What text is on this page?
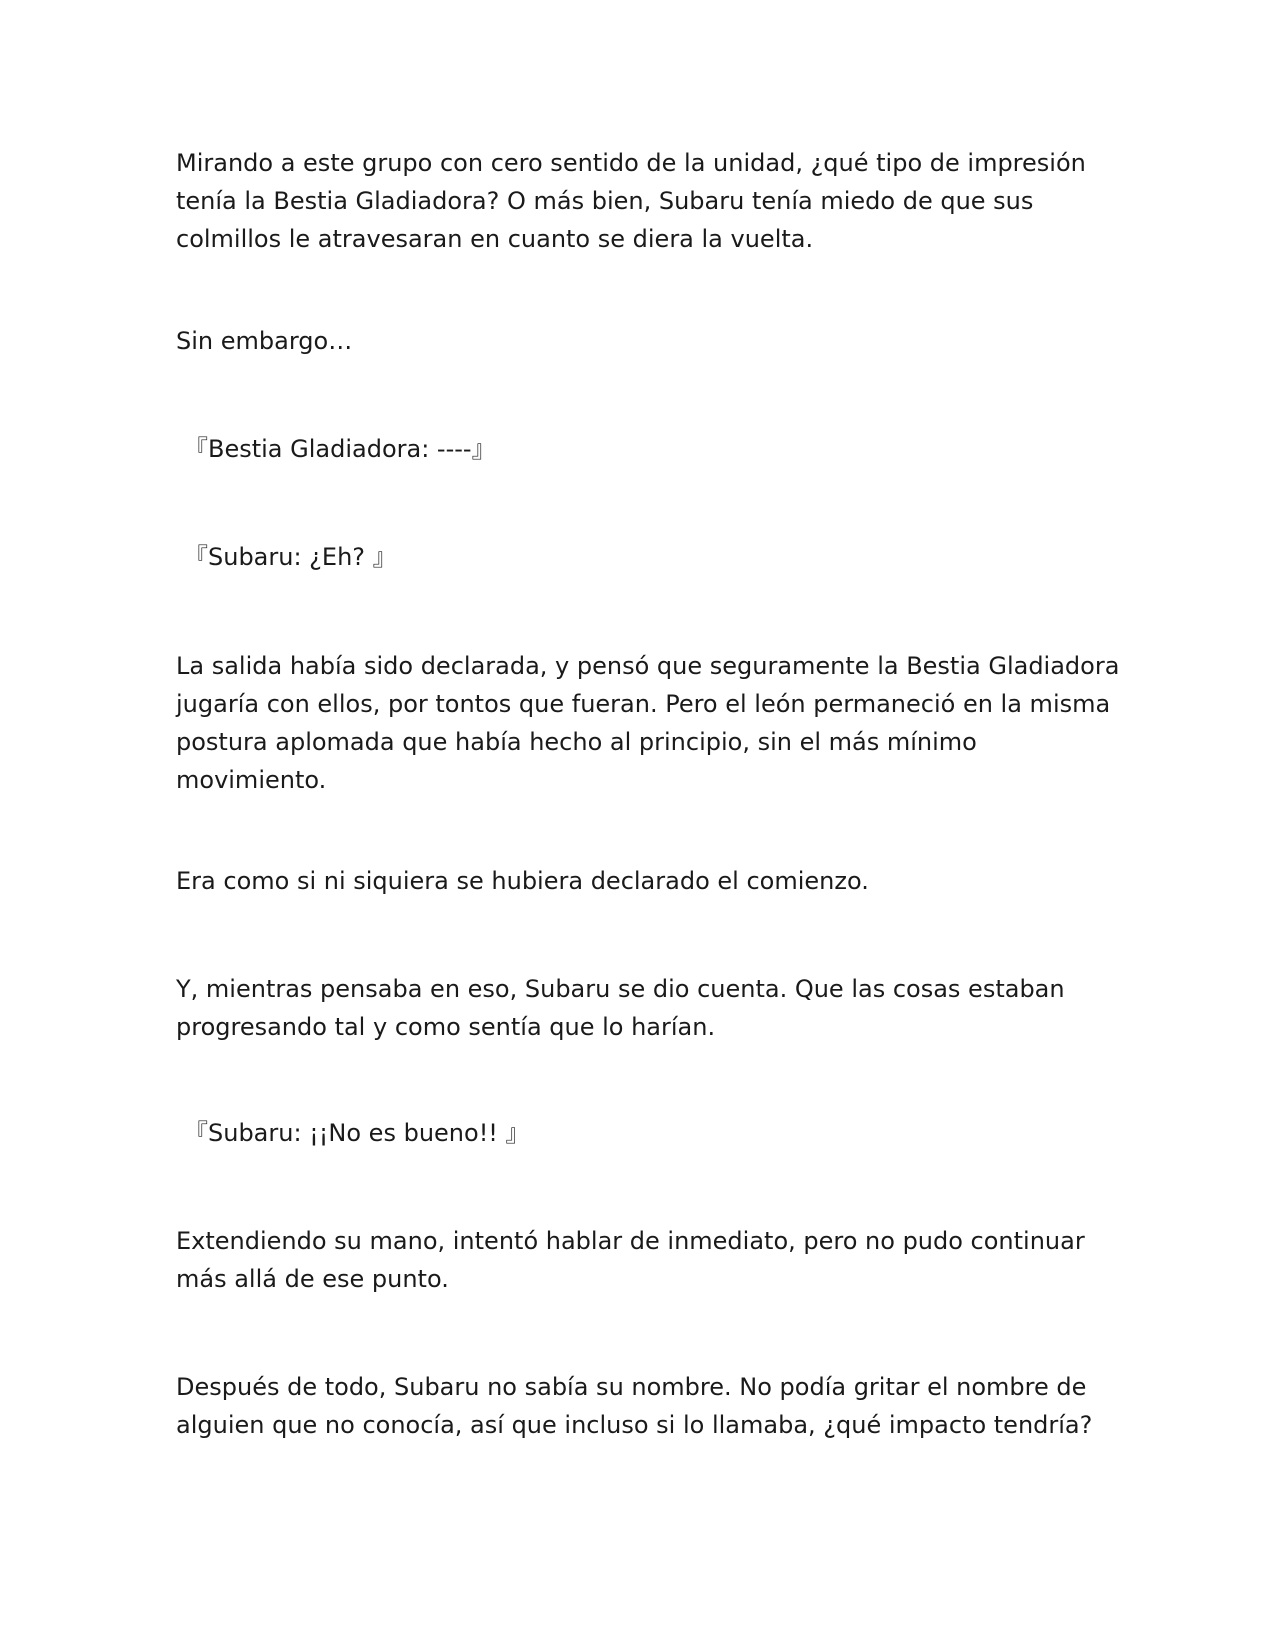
Mirando a este grupo con cero sentido de la unidad, ¿qué tipo de impresión
tenía la Bestia Gladiadora? O más bien, Subaru tenía miedo de que sus
colmillos le atravesaran en cuanto se diera la vuelta.

Sin embargo…

『Bestia Gladiadora: ----』

『Subaru: ¿Eh? 』

La salida había sido declarada, y pensó que seguramente la Bestia Gladiadora
jugaría con ellos, por tontos que fueran. Pero el león permaneció en la misma
postura aplomada que había hecho al principio, sin el más mínimo
movimiento.

Era como si ni siquiera se hubiera declarado el comienzo.

Y, mientras pensaba en eso, Subaru se dio cuenta. Que las cosas estaban
progresando tal y como sentía que lo harían.

『Subaru: ¡¡No es bueno!! 』

Extendiendo su mano, intentó hablar de inmediato, pero no pudo continuar
más allá de ese punto.

Después de todo, Subaru no sabía su nombre. No podía gritar el nombre de
alguien que no conocía, así que incluso si lo llamaba, ¿qué impacto tendría?
